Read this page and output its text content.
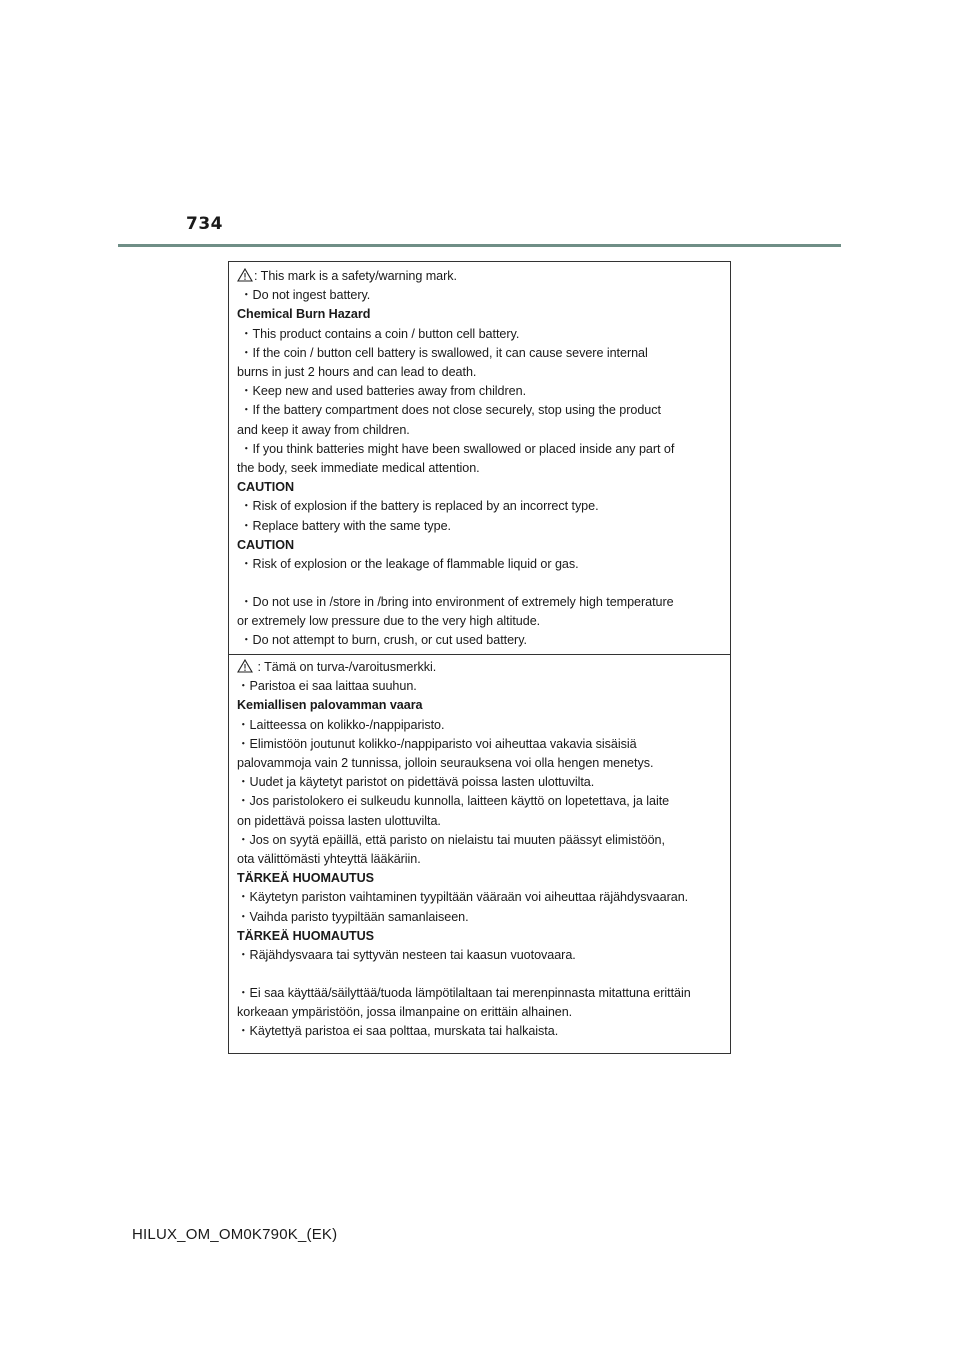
734
: This mark is a safety/warning mark.
・Do not ingest battery.
Chemical Burn Hazard
・This product contains a coin / button cell battery.
・If the coin / button cell battery is swallowed, it can cause severe internal
burns in just 2 hours and can lead to death.
・Keep new and used batteries away from children.
・If the battery compartment does not close securely, stop using the product
and keep it away from children.
・If you think batteries might have been swallowed or placed inside any part of
the body, seek immediate medical attention.
CAUTION
・Risk of explosion if the battery is replaced by an incorrect type.
・Replace battery with the same type.
CAUTION
・Risk of explosion or the leakage of flammable liquid or gas.
・Do not use in /store in /bring into environment of extremely high temperature
or extremely low pressure due to the very high altitude.
・Do not attempt to burn, crush, or cut used battery.
: Tämä on turva-/varoitusmerkki.
・Paristoa ei saa laittaa suuhun.
Kemiallisen palovamman vaara
・Laitteessa on kolikko-/nappiparisto.
・Elimistöön joutunut kolikko-/nappiparisto voi aiheuttaa vakavia sisäisiä
palovammoja vain 2 tunnissa, jolloin seurauksena voi olla hengen menetys.
・Uudet ja käytetyt paristot on pidettävä poissa lasten ulottuvilta.
・Jos paristolokero ei sulkeudu kunnolla, laitteen käyttö on lopetettava, ja laite
on pidettävä poissa lasten ulottuvilta.
・Jos on syytä epäillä, että paristo on nielaistu tai muuten päässyt elimistöön,
ota välittömästi yhteyttä lääkäriin.
TÄRKEÄ HUOMAUTUS
・Käytetyn pariston vaihtaminen tyypiltään vääraän voi aiheuttaa räjähdysvaaran.
・Vaihda paristo tyypiltään samanlaiseen.
TÄRKEÄ HUOMAUTUS
・Räjähdysvaara tai syttyvän nesteen tai kaasun vuotovaara.
・Ei saa käyttää/säilyttää/tuoda lämpötilaltaan tai merenpinnasta mitattuna erittäin
korkeaan ympäristöön, jossa ilmanpaine on erittäin alhainen.
・Käytettyä paristoa ei saa polttaa, murskata tai halkaista.
HILUX_OM_OM0K790K_(EK)
